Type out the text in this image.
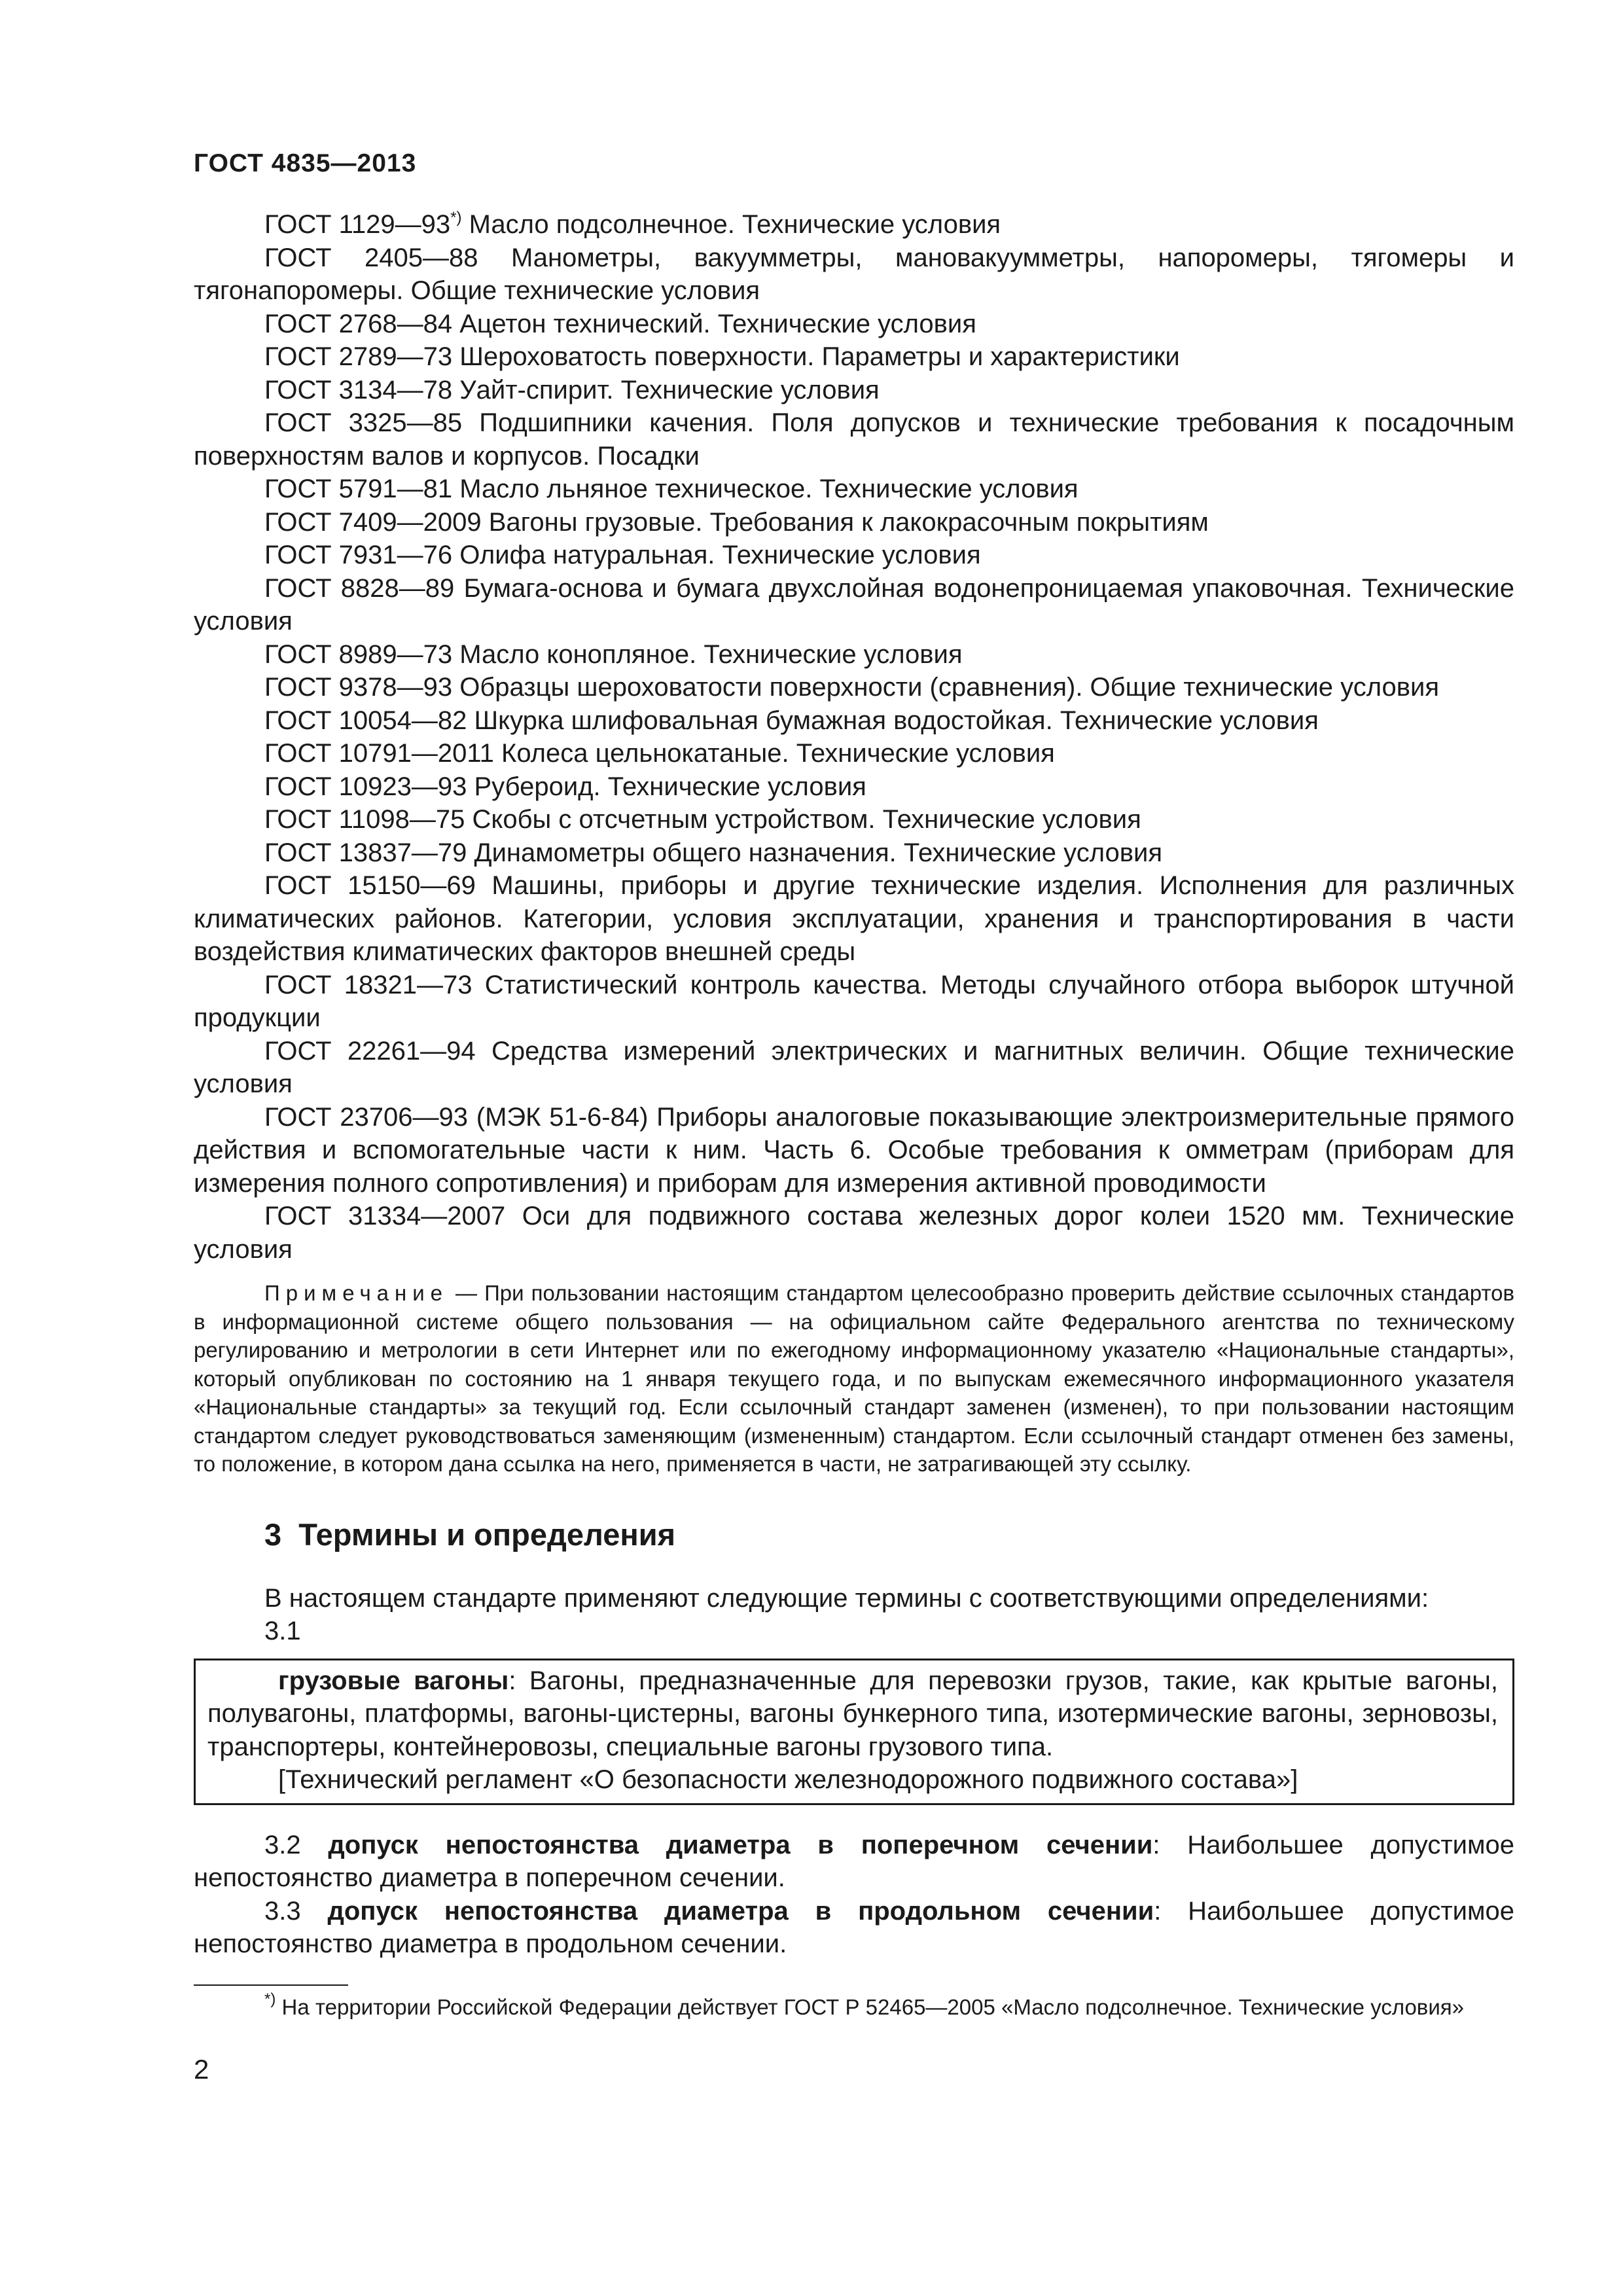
ГОСТ 4835—2013

ГОСТ 1129—93*) Масло подсолнечное. Технические условия
ГОСТ 2405—88 Манометры, вакуумметры, мановакуумметры, напоромеры, тягомеры и тягонапоромеры. Общие технические условия
ГОСТ 2768—84 Ацетон технический. Технические условия
ГОСТ 2789—73 Шероховатость поверхности. Параметры и характеристики
ГОСТ 3134—78 Уайт-спирит. Технические условия
ГОСТ 3325—85 Подшипники качения. Поля допусков и технические требования к посадочным поверхностям валов и корпусов. Посадки
ГОСТ 5791—81 Масло льняное техническое. Технические условия
ГОСТ 7409—2009 Вагоны грузовые. Требования к лакокрасочным покрытиям
ГОСТ 7931—76 Олифа натуральная. Технические условия
ГОСТ 8828—89 Бумага-основа и бумага двухслойная водонепроницаемая упаковочная. Технические условия
ГОСТ 8989—73 Масло конопляное. Технические условия
ГОСТ 9378—93 Образцы шероховатости поверхности (сравнения). Общие технические условия
ГОСТ 10054—82 Шкурка шлифовальная бумажная водостойкая. Технические условия
ГОСТ 10791—2011 Колеса цельнокатаные. Технические условия
ГОСТ 10923—93 Рубероид. Технические условия
ГОСТ 11098—75 Скобы с отсчетным устройством. Технические условия
ГОСТ 13837—79 Динамометры общего назначения. Технические условия
ГОСТ 15150—69 Машины, приборы и другие технические изделия. Исполнения для различных климатических районов. Категории, условия эксплуатации, хранения и транспортирования в части воздействия климатических факторов внешней среды
ГОСТ 18321—73 Статистический контроль качества. Методы случайного отбора выборок штучной продукции
ГОСТ 22261—94 Средства измерений электрических и магнитных величин. Общие технические условия
ГОСТ 23706—93 (МЭК 51-6-84) Приборы аналоговые показывающие электроизмерительные прямого действия и вспомогательные части к ним. Часть 6. Особые требования к омметрам (приборам для измерения полного сопротивления) и приборам для измерения активной проводимости
ГОСТ 31334—2007 Оси для подвижного состава железных дорог колеи 1520 мм. Технические условия

Примечание — При пользовании настоящим стандартом целесообразно проверить действие ссылочных стандартов в информационной системе общего пользования — на официальном сайте Федерального агентства по техническому регулированию и метрологии в сети Интернет или по ежегодному информационному указателю «Национальные стандарты», который опубликован по состоянию на 1 января текущего года, и по выпускам ежемесячного информационного указателя «Национальные стандарты» за текущий год. Если ссылочный стандарт заменен (изменен), то при пользовании настоящим стандартом следует руководствоваться заменяющим (измененным) стандартом. Если ссылочный стандарт отменен без замены, то положение, в котором дана ссылка на него, применяется в части, не затрагивающей эту ссылку.

3 Термины и определения

В настоящем стандарте применяют следующие термины с соответствующими определениями:

3.1

грузовые вагоны: Вагоны, предназначенные для перевозки грузов, такие, как крытые вагоны, полувагоны, платформы, вагоны-цистерны, вагоны бункерного типа, изотермические вагоны, зерновозы, транспортеры, контейнеровозы, специальные вагоны грузового типа.

[Технический регламент «О безопасности железнодорожного подвижного состава»]

3.2 допуск непостоянства диаметра в поперечном сечении: Наибольшее допустимое непостоянство диаметра в поперечном сечении.

3.3 допуск непостоянства диаметра в продольном сечении: Наибольшее допустимое непостоянство диаметра в продольном сечении.

*) На территории Российской Федерации действует ГОСТ Р 52465—2005 «Масло подсолнечное. Технические условия»

2
